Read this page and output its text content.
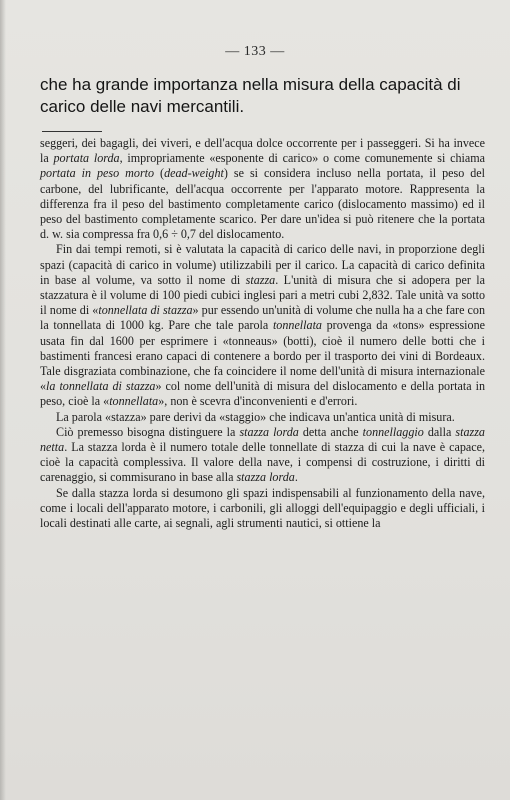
— 133 —
che ha grande importanza nella misura della capacità di carico delle navi mercantili.

seggeri, dei bagagli, dei viveri, e dell'acqua dolce occorrente per i passeggeri. Si ha invece la portata lorda, impropriamente «esponente di carico» o come comunemente si chiama portata in peso morto (dead-weight) se si considera incluso nella portata, il peso del carbone, del lubrificante, dell'acqua occorrente per l'apparato motore. Rappresenta la differenza fra il peso del bastimento completamente carico (dislocamento massimo) ed il peso del bastimento completamente scarico. Per dare un'idea si può ritenere che la portata d. w. sia compressa fra 0,6 ÷ 0,7 del dislocamento.

Fin dai tempi remoti, si è valutata la capacità di carico delle navi, in proporzione degli spazi (capacità di carico in volume) utilizzabili per il carico. La capacità di carico definita in base al volume, va sotto il nome di stazza. L'unità di misura che si adopera per la stazzatura è il volume di 100 piedi cubici inglesi pari a metri cubi 2,832. Tale unità va sotto il nome di «tonnellata di stazza» pur essendo un'unità di volume che nulla ha a che fare con la tonnellata di 1000 kg. Pare che tale parola tonnellata provenga da «tons» espressione usata fin dal 1600 per esprimere i «tonneaus» (botti), cioè il numero delle botti che i bastimenti francesi erano capaci di contenere a bordo per il trasporto dei vini di Bordeaux. Tale disgraziata combinazione, che fa coincidere il nome dell'unità di misura internazionale «la tonnellata di stazza» col nome dell'unità di misura del dislocamento e della portata in peso, cioè la «tonnellata», non è scevra d'inconvenienti e d'errori.

La parola «stazza» pare derivi da «staggio» che indicava un'antica unità di misura.

Ciò premesso bisogna distinguere la stazza lorda detta anche tonnellaggio dalla stazza netta. La stazza lorda è il numero totale delle tonnellate di stazza di cui la nave è capace, cioè la capacità complessiva. Il valore della nave, i compensi di costruzione, i diritti di carenaggio, si commisurano in base alla stazza lorda.

Se dalla stazza lorda si desumono gli spazi indispensabili al funzionamento della nave, come i locali dell'apparato motore, i carbonili, gli alloggi dell'equipaggio e degli ufficiali, i locali destinati alle carte, ai segnali, agli strumenti nautici, si ottiene la
